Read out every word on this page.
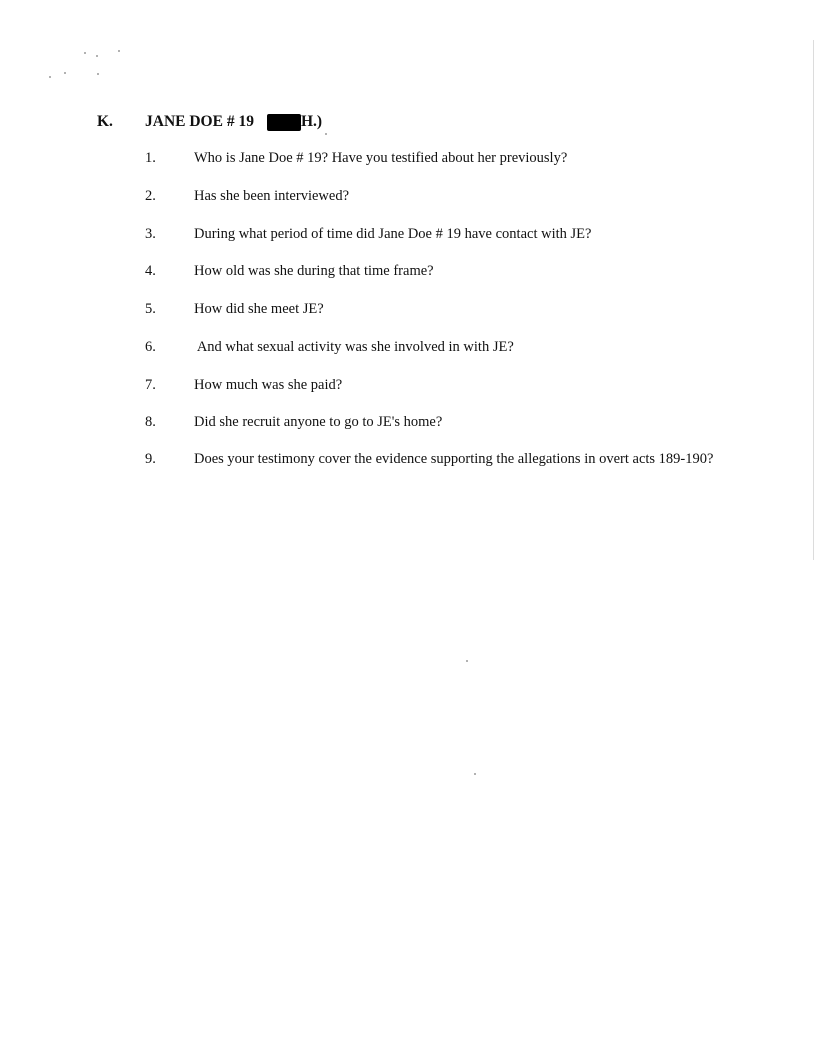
K. JANE DOE # 19	H.)
1.	Who is Jane Doe # 19? Have you testified about her previously?
2.	Has she been interviewed?
3.	During what period of time did Jane Doe # 19 have contact with JE?
4.	How old was she during that time frame?
5.	How did she meet JE?
6.	And what sexual activity was she involved in with JE?
7.	How much was she paid?
8.	Did she recruit anyone to go to JE's home?
9.	Does your testimony cover the evidence supporting the allegations in overt acts 189-190?
